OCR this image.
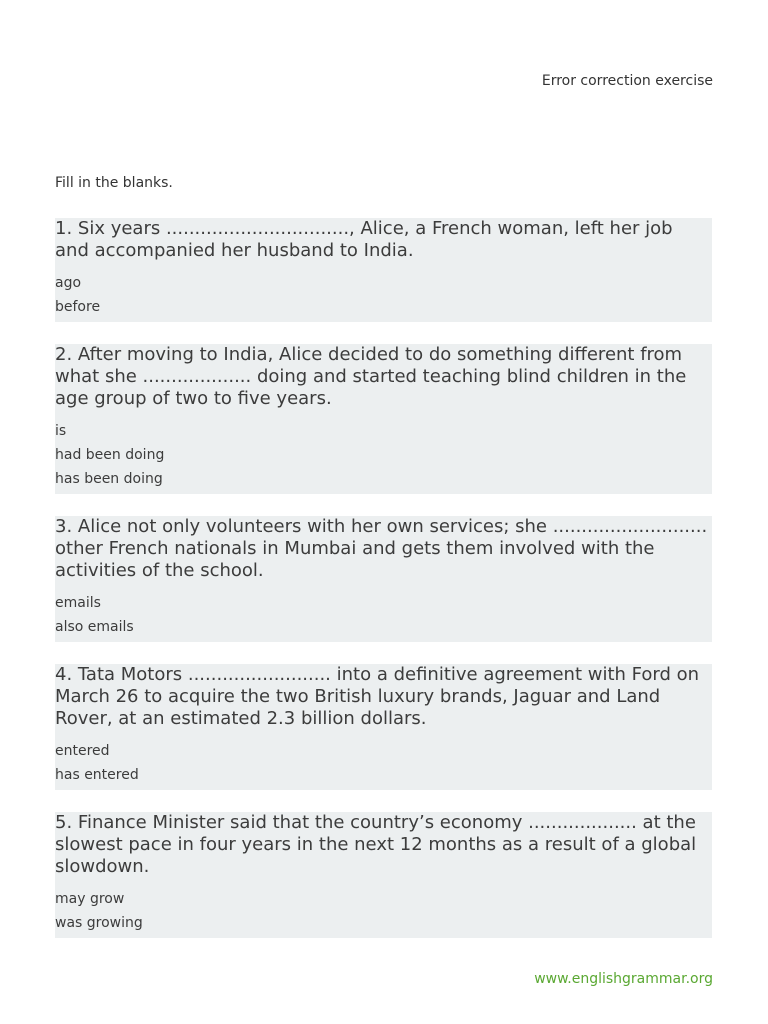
Error correction exercise
Fill in the blanks.
1. Six years ................................, Alice, a French woman, left her job and accompanied her husband to India.
ago
before
2. After moving to India, Alice decided to do something different from what she ................... doing and started teaching blind children in the age group of two to five years.
is
had been doing
has been doing
3. Alice not only volunteers with her own services; she ........................... other French nationals in Mumbai and gets them involved with the activities of the school.
emails
also emails
4. Tata Motors ......................... into a definitive agreement with Ford on March 26 to acquire the two British luxury brands, Jaguar and Land Rover, at an estimated 2.3 billion dollars.
entered
has entered
5. Finance Minister said that the country’s economy ................... at the slowest pace in four years in the next 12 months as a result of a global slowdown.
may grow
was growing
www.englishgrammar.org
